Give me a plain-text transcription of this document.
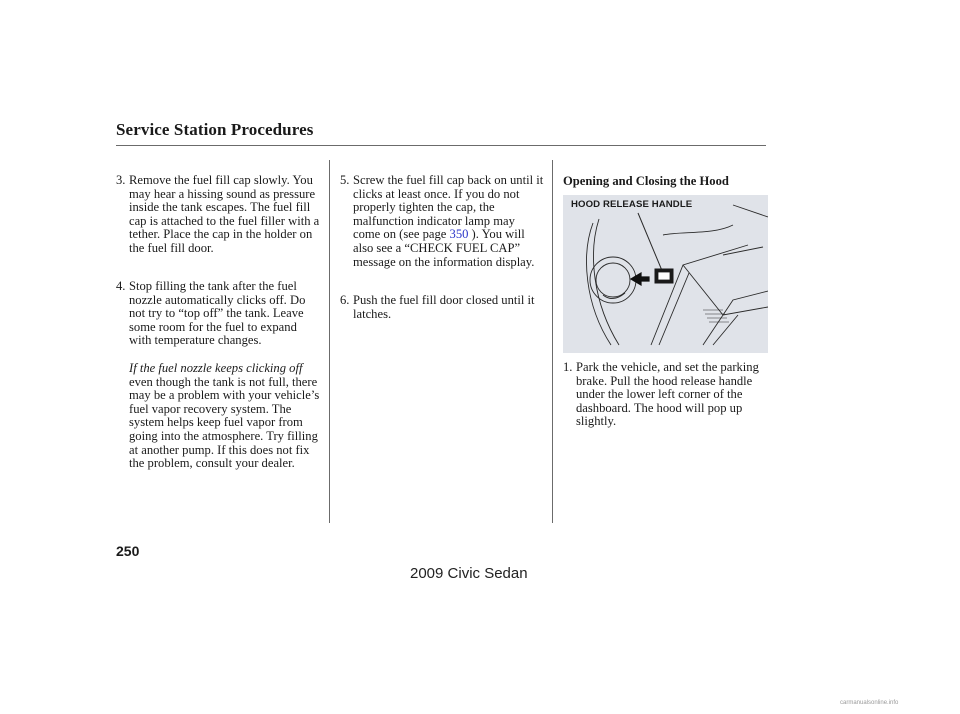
Service Station Procedures
3. Remove the fuel fill cap slowly. You may hear a hissing sound as pressure inside the tank escapes. The fuel fill cap is attached to the fuel filler with a tether. Place the cap in the holder on the fuel fill door.
4. Stop filling the tank after the fuel nozzle automatically clicks off. Do not try to “top off” the tank. Leave some room for the fuel to expand with temperature changes.
If the fuel nozzle keeps clicking off
even though the tank is not full, there may be a problem with your vehicle’s fuel vapor recovery system. The system helps keep fuel vapor from going into the atmosphere. Try filling at another pump. If this does not fix the problem, consult your dealer.
5. Screw the fuel fill cap back on until it clicks at least once. If you do not properly tighten the cap, the malfunction indicator lamp may come on (see page 350 ). You will also see a “CHECK FUEL CAP” message on the information display.
6. Push the fuel fill door closed until it latches.
Opening and Closing the Hood
HOOD RELEASE HANDLE
1. Park the vehicle, and set the parking brake. Pull the hood release handle under the lower left corner of the dashboard. The hood will pop up slightly.
250
2009 Civic Sedan
carmanualsonline.info
